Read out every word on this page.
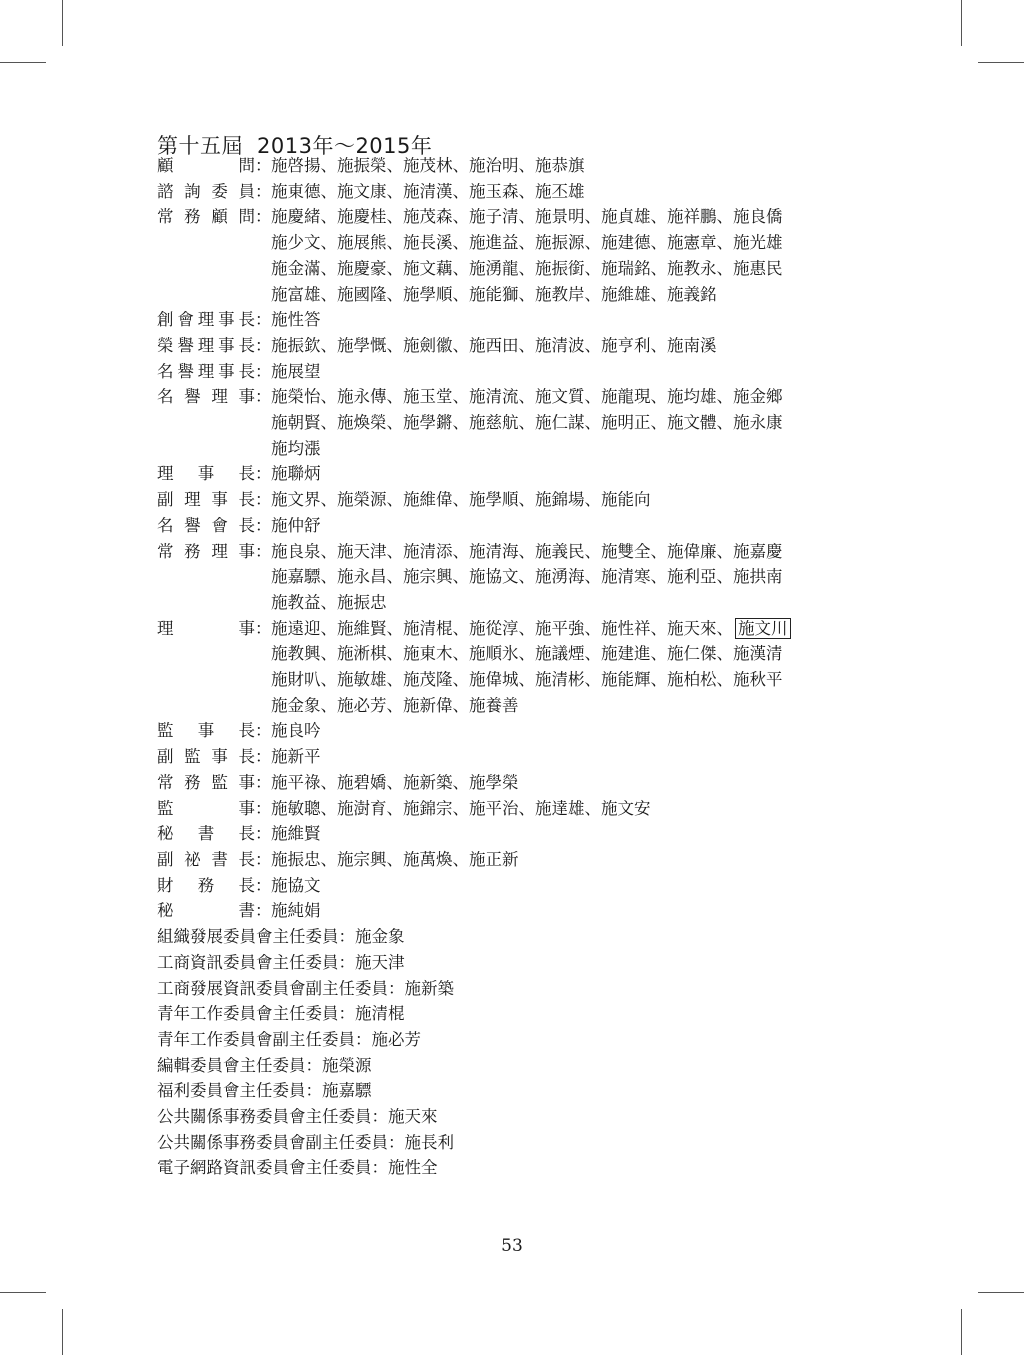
第十五屆 2013年～2015年
顧問 ： 施啓揚、施振榮、施茂林、施治明、施恭旗
諮詢委員 ： 施東德、施文康、施清漢、施玉森、施丕雄
常務顧問 ： 施慶緒、施慶桂、施茂森、施子清、施景明、施貞雄、施祥鵬、施良僑
施少文、施展熊、施長溪、施進益、施振源、施建德、施憲章、施光雄
施金滿、施慶豪、施文藕、施湧龍、施振銜、施瑞銘、施教永、施惠民
施富雄、施國隆、施學順、施能獅、施教岸、施維雄、施義銘
創會理事長 ： 施性答
榮譽理事長 ： 施振欽、施學慨、施劍徽、施西田、施清波、施亨利、施南溪
名譽理事長 ： 施展望
名譽理事 ： 施榮怡、施永傳、施玉堂、施清流、施文質、施龍現、施均雄、施金鄉
施朝賢、施煥榮、施學鏘、施慈航、施仁謀、施明正、施文體、施永康
施均漲
理事長 ： 施聯炳
副理事長 ： 施文界、施榮源、施維偉、施學順、施錦場、施能向
名譽會長 ： 施仲舒
常務理事 ： 施良泉、施天津、施清添、施清海、施義民、施雙全、施偉廉、施嘉慶
施嘉驃、施永昌、施宗興、施協文、施湧海、施清寒、施利亞、施拱南
施教益、施振忠
理事 ： 施遠迎、施維賢、施清棍、施從淳、施平強、施性祥、施天來、 施文川
施教興、施淅棋、施東木、施順氷、施議煙、施建進、施仁傑、施漢清
施財叭、施敏雄、施茂隆、施偉城、施清彬、施能輝、施柏松、施秋平
施金象、施必芳、施新偉、施養善
監事長 ： 施良吟
副監事長 ： 施新平
常務監事 ： 施平祿、施碧嬌、施新築、施學榮
監事 ： 施敏聰、施澍育、施錦宗、施平治、施達雄、施文安
秘書長 ： 施維賢
副祕書長 ： 施振忠、施宗興、施萬煥、施正新
財務長 ： 施協文
秘書 ： 施純娟
組織發展委員會主任委員：施金象
工商資訊委員會主任委員：施天津
工商發展資訊委員會副主任委員：施新築
青年工作委員會主任委員：施清棍
青年工作委員會副主任委員：施必芳
編輯委員會主任委員：施榮源
福利委員會主任委員：施嘉驃
公共關係事務委員會主任委員：施天來
公共關係事務委員會副主任委員：施長利
電子網路資訊委員會主任委員：施性全
53
